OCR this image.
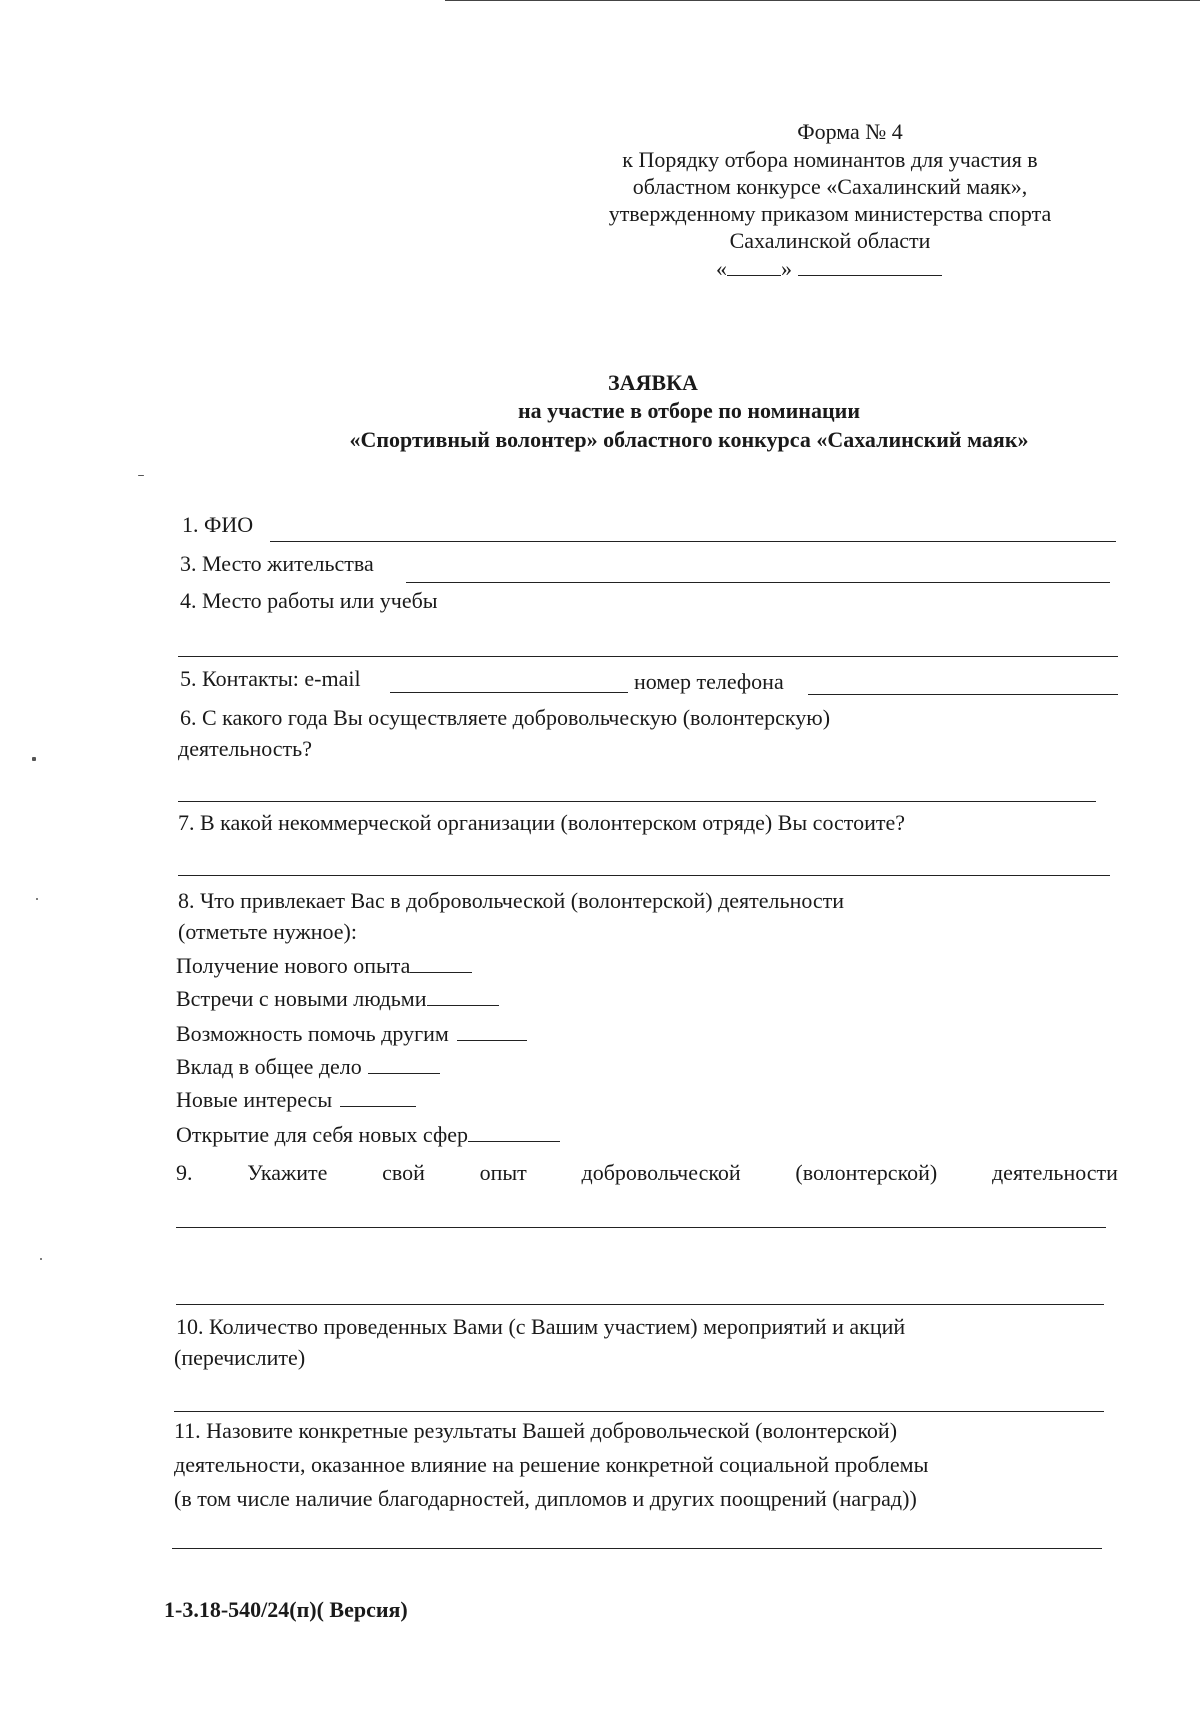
Форма № 4
к Порядку отбора номинантов для участия в
областном конкурсе «Сахалинский маяк»,
утвержденному приказом министерства спорта
Сахалинской области
« »
ЗАЯВКА
на участие в отборе по номинации
«Спортивный волонтер» областного конкурса «Сахалинский маяк»
1. ФИО
3. Место жительства
4. Место работы или учебы
5. Контакты: e-mail	номер телефона
6. С какого года Вы осуществляете добровольческую (волонтерскую)
деятельность?
7. В какой некоммерческой организации (волонтерском отряде) Вы состоите?
8. Что привлекает Вас в добровольческой (волонтерской) деятельности
(отметьте нужное):
Получение нового опыта
Встречи с новыми людьми
Возможность помочь другим
Вклад в общее дело
Новые интересы
Открытие для себя новых сфер
9. Укажите свой опыт добровольческой (волонтерской) деятельности
10. Количество проведенных Вами (с Вашим участием) мероприятий и акций
(перечислите)
11. Назовите конкретные результаты Вашей добровольческой (волонтерской)
деятельности, оказанное влияние на решение конкретной социальной проблемы
(в том числе наличие благодарностей, дипломов и других поощрений (наград))
1-3.18-540/24(п)( Версия)
